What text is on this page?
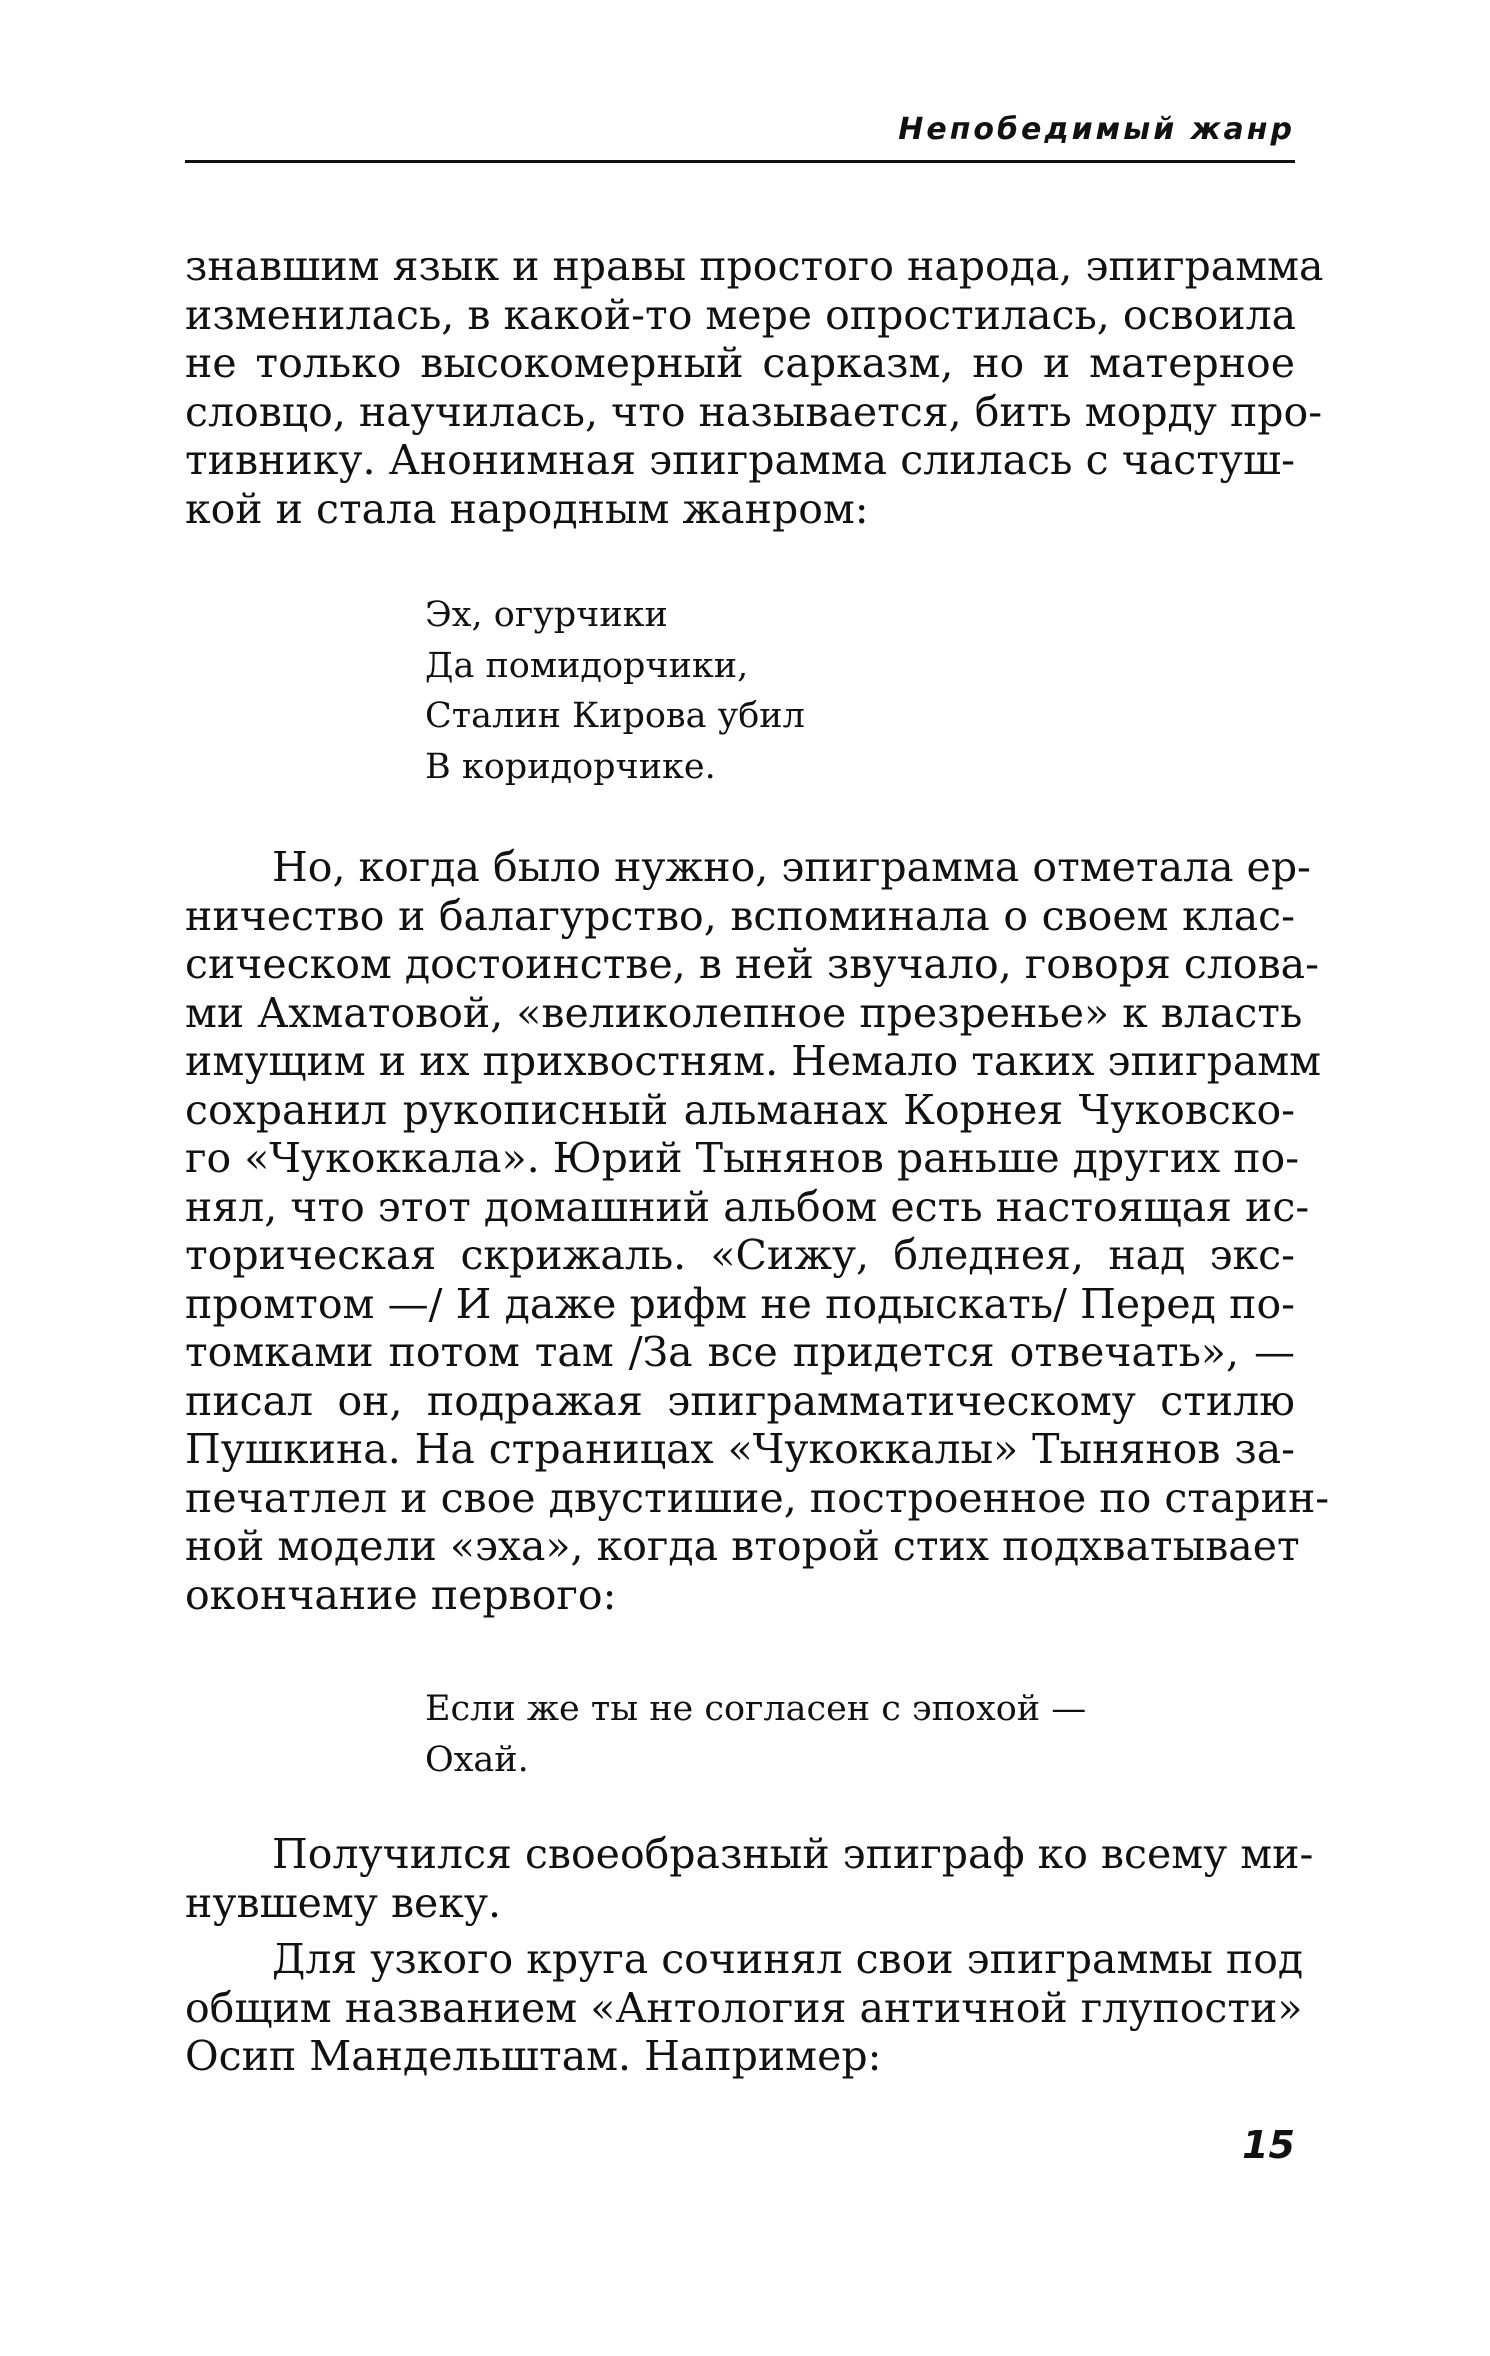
Непобедимый жанр
знавшим язык и нравы простого народа, эпиграмма
изменилась, в какой-то мере опростилась, освоила
не только высокомерный сарказм, но и матерное
словцо, научилась, что называется, бить морду про-
тивнику. Анонимная эпиграмма слилась с частуш-
кой и стала народным жанром:
Эх, огурчики
Да помидорчики,
Сталин Кирова убил
В коридорчике.
Но, когда было нужно, эпиграмма отметала ер-
ничество и балагурство, вспоминала о своем клас-
сическом достоинстве, в ней звучало, говоря слова-
ми Ахматовой, «великолепное презренье» к власть
имущим и их прихвостням. Немало таких эпиграмм
сохранил рукописный альманах Корнея Чуковско-
го «Чукоккала». Юрий Тынянов раньше других по-
нял, что этот домашний альбом есть настоящая ис-
торическая скрижаль. «Сижу, бледнея, над экс-
промтом —/ И даже рифм не подыскать/ Перед по-
томками потом там /За все придется отвечать», —
писал он, подражая эпиграмматическому стилю
Пушкина. На страницах «Чукоккалы» Тынянов за-
печатлел и свое двустишие, построенное по старин-
ной модели «эха», когда второй стих подхватывает
окончание первого:
Если же ты не согласен с эпохой —
Охай.
Получился своеобразный эпиграф ко всему ми-
нувшему веку.
Для узкого круга сочинял свои эпиграммы под
общим названием «Антология античной глупости»
Осип Мандельштам. Например:
15
